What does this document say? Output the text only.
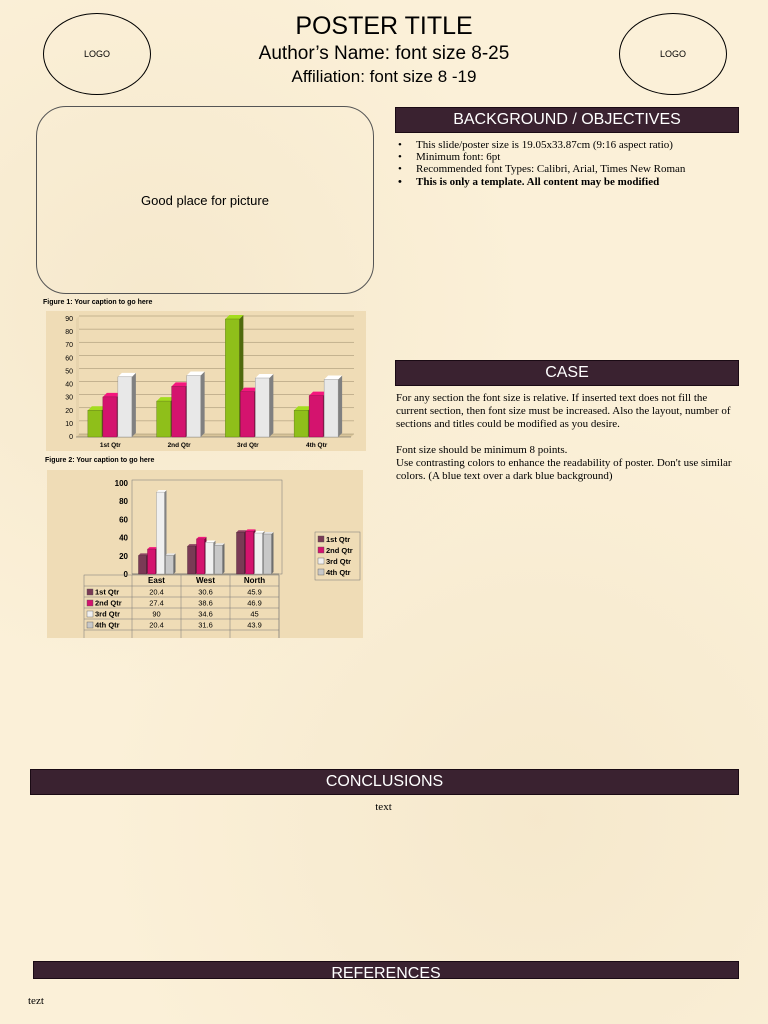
LOGO	LOGO
POSTER TITLE
Author’s Name: font size 8-25
Affiliation: font size 8 -19
Good place for picture
BACKGROUND / OBJECTIVES
• This slide/poster size is 19.05x33.87cm (9:16 aspect ratio)
• Minimum font: 6pt
• Recommended font Types: Calibri, Arial, Times New Roman
• This is only a template. All content may be modified
CASE
For any section the font size is relative. If inserted text does not fill the current section, then font size must be increased. Also the layout, number of sections and titles could be modified as you desire.
Font size should be minimum 8 points.
Use contrasting colors to enhance the readability of poster. Don't use similar colors. (A blue text over a dark blue background)
Figure 1: Your caption to go here
0
10
20
30
40
50
60
70
80
90
1st Qtr	2nd Qtr	3rd Qtr	4th Qtr
Figure 2: Your caption to go here
0
20
40
60
80
100
East	West	North
1st Qtr	20.4	30.6	45.9
2nd Qtr	27.4	38.6	46.9
3rd Qtr	90	34.6	45
4th Qtr	20.4	31.6	43.9
1st Qtr
2nd Qtr
3rd Qtr
4th Qtr
CONCLUSIONS
text
REFERENCES
tezt
